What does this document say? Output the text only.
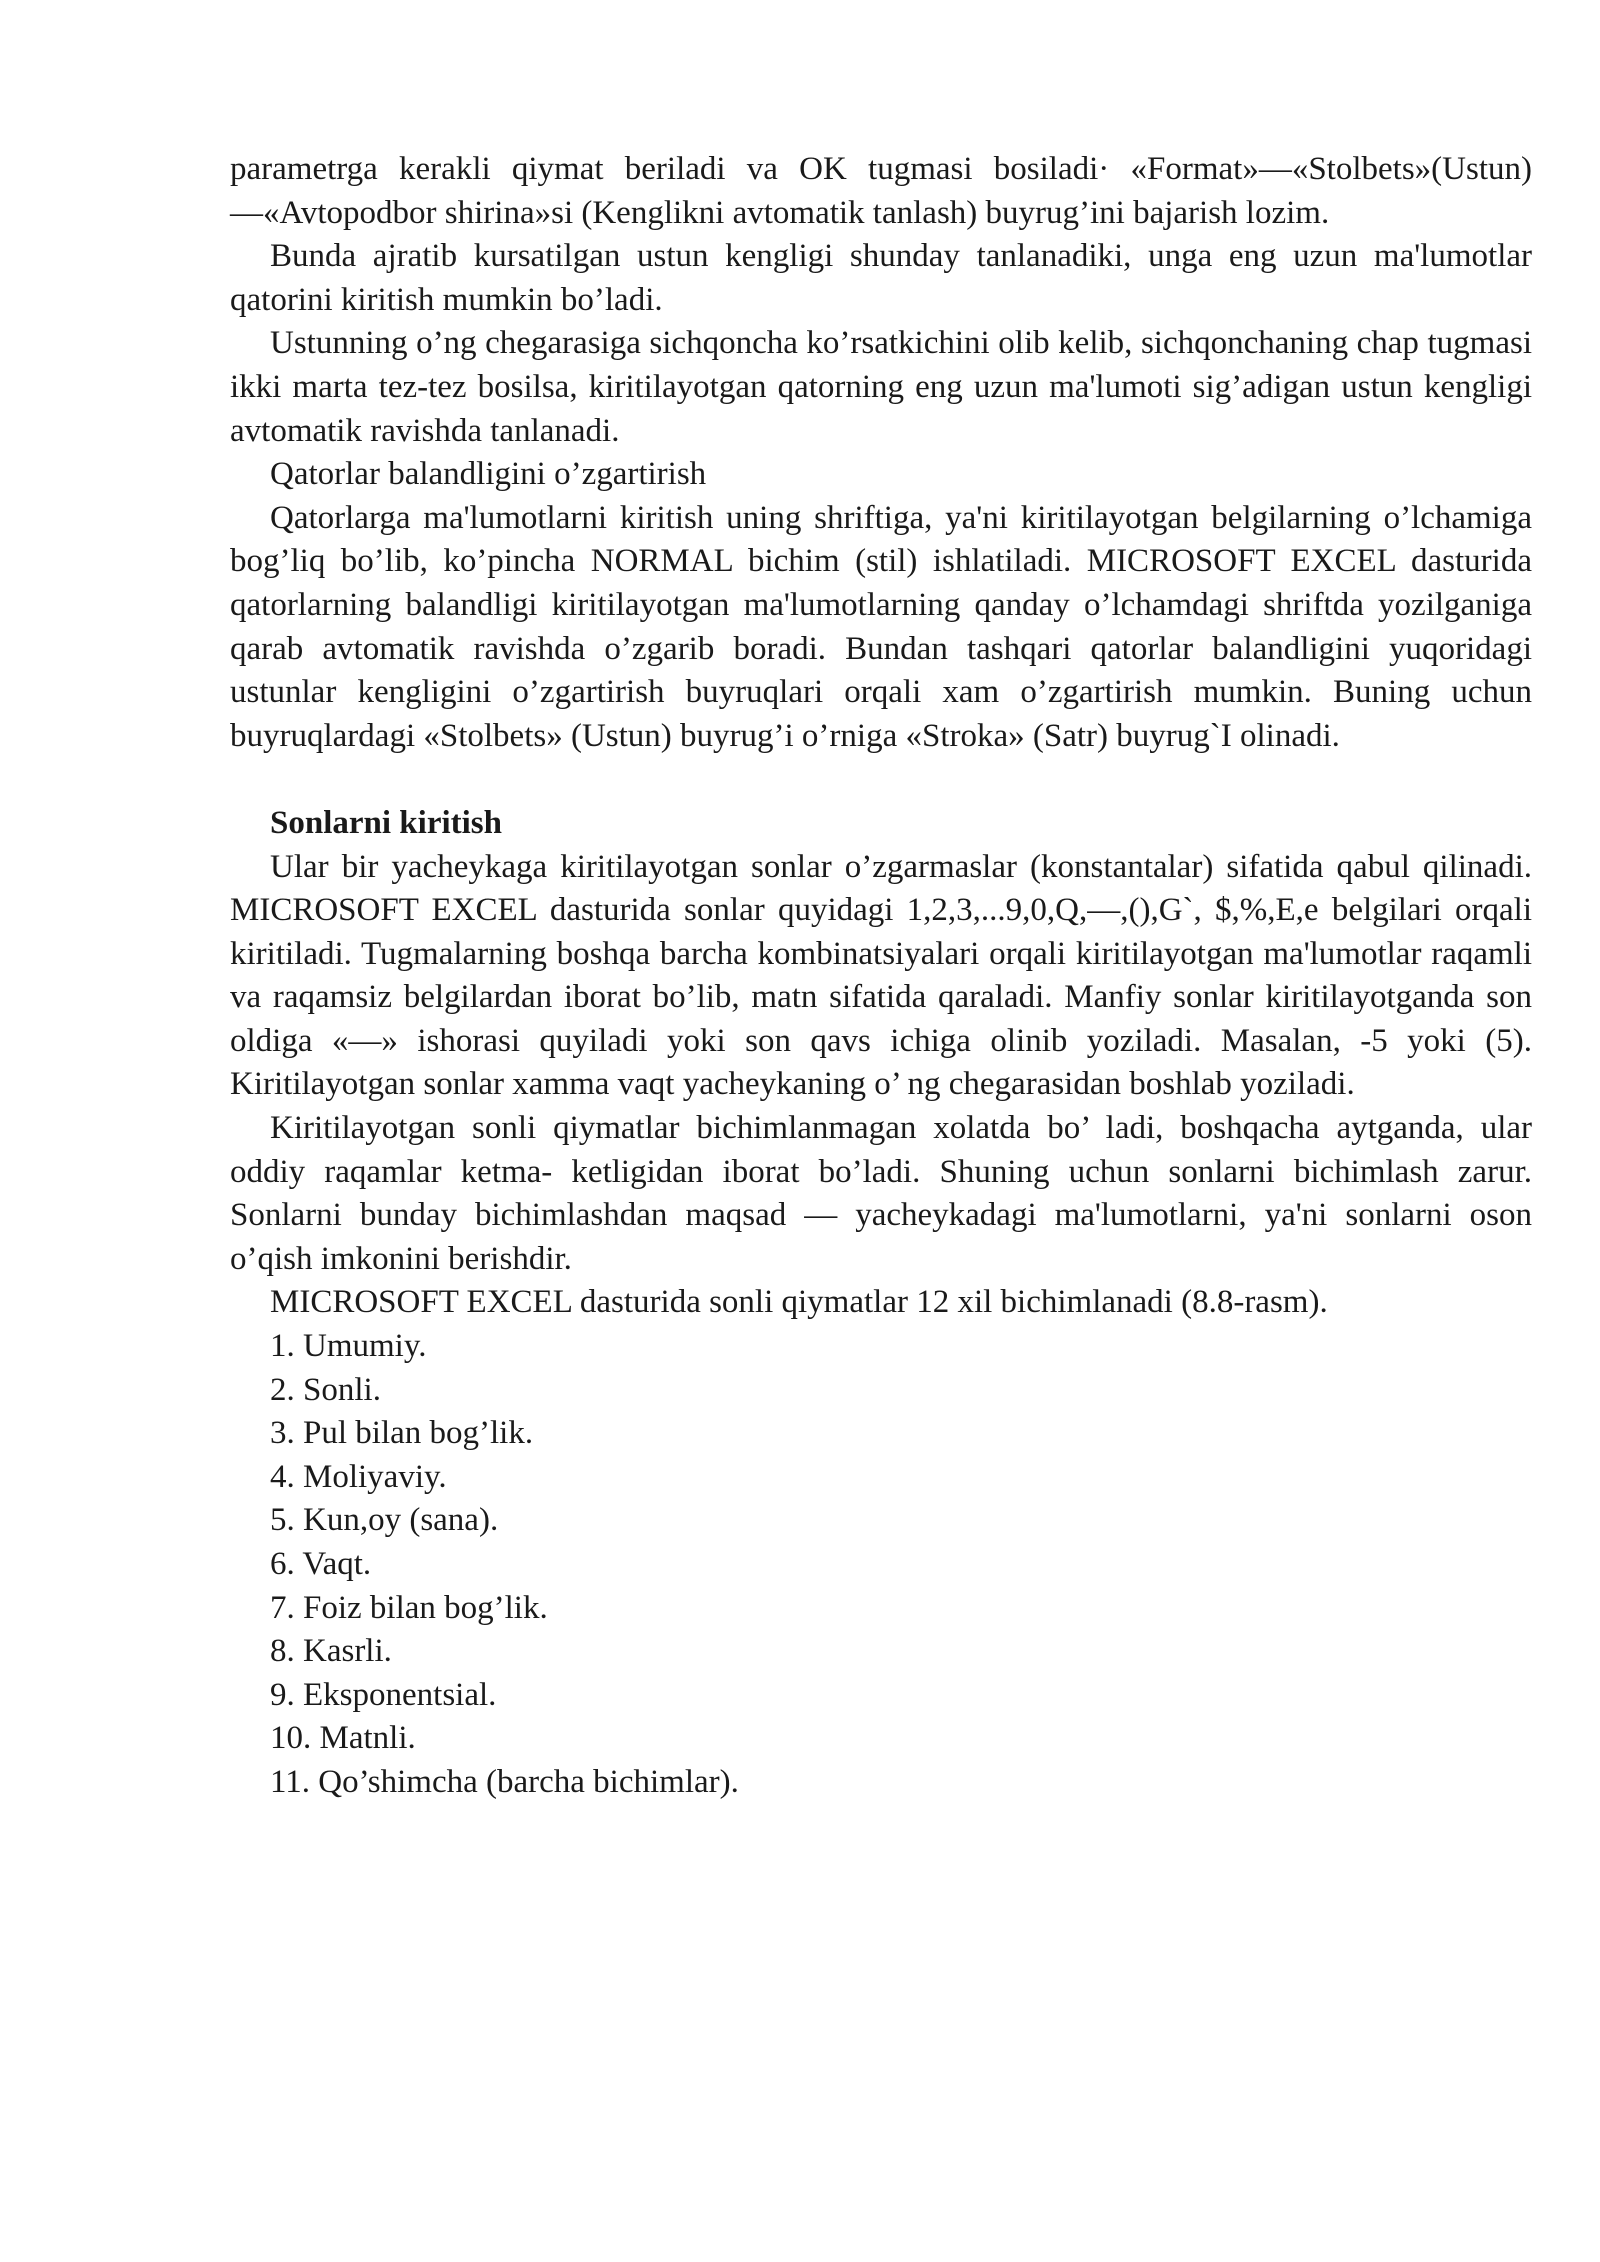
parametrga kerakli qiymat beriladi va OK tugmasi bosiladi· «Format»—«Stolbets»(Ustun) —«Avtopodbor shirina»si (Kenglikni avtomatik tanlash) buyrug’ini bajarish lozim.

Bunda ajratib kursatilgan ustun kengligi shunday tanlanadiki, unga eng uzun ma'lumotlar qatorini kiritish mumkin bo’ladi.

Ustunning o’ng chegarasiga sichqoncha ko’rsatkichini olib kelib, sichqonchaning chap tugmasi ikki marta tez-tez bosilsa, kiritilayotgan qatorning eng uzun ma'lumoti sig’adigan ustun kengligi avtomatik ravishda tanlanadi.

Qatorlar balandligini o’zgartirish

Qatorlarga ma'lumotlarni kiritish uning shriftiga, ya'ni kiritilayotgan belgilarning o’lchamiga bog’liq bo’lib, ko’pincha NORMAL bichim (stil) ishlatiladi. MICROSOFT EXCEL dasturida qatorlarning balandligi kiritilayotgan ma'lumotlarning qanday o’lchamdagi shriftda yozilganiga qarab avtomatik ravishda o’zgarib boradi. Bundan tashqari qatorlar balandligini yuqoridagi ustunlar kengligini o’zgartirish buyruqlari orqali xam o’zgartirish mumkin. Buning uchun buyruqlardagi «Stolbets» (Ustun) buyrug’i o’rniga «Stroka» (Satr) buyrug`I olinadi.

Sonlarni kiritish

Ular bir yacheykaga kiritilayotgan sonlar o’zgarmaslar (konstantalar) sifatida qabul qilinadi. MICROSOFT EXCEL dasturida sonlar quyidagi 1,2,3,...9,0,Q,—,(),G`, $,%,E,e belgilari orqali kiritiladi. Tugmalarning boshqa barcha kombinatsiyalari orqali kiritilayotgan ma'lumotlar raqamli va raqamsiz belgilardan iborat bo’lib, matn sifatida qaraladi. Manfiy sonlar kiritilayotganda son oldiga «—» ishorasi quyiladi yoki son qavs ichiga olinib yoziladi. Masalan, -5 yoki (5). Kiritilayotgan sonlar xamma vaqt yacheykaning o’ ng chegarasidan boshlab yoziladi.

Kiritilayotgan sonli qiymatlar bichimlanmagan xolatda bo’ ladi, boshqacha aytganda, ular oddiy raqamlar ketma- ketligidan iborat bo’ladi. Shuning uchun sonlarni bichimlash zarur. Sonlarni bunday bichimlashdan maqsad — yacheykadagi ma'lumotlarni, ya'ni sonlarni oson o’qish imkonini berishdir.

MICROSOFT EXCEL dasturida sonli qiymatlar 12 xil bichimlanadi (8.8-rasm).

1. Umumiy.
2. Sonli.
3. Pul bilan bog’lik.
4. Moliyaviy.
5. Kun,oy (sana).
6. Vaqt.
7. Foiz bilan bog’lik.
8. Kasrli.
9. Eksponentsial.
10. Matnli.
11. Qo’shimcha (barcha bichimlar).
